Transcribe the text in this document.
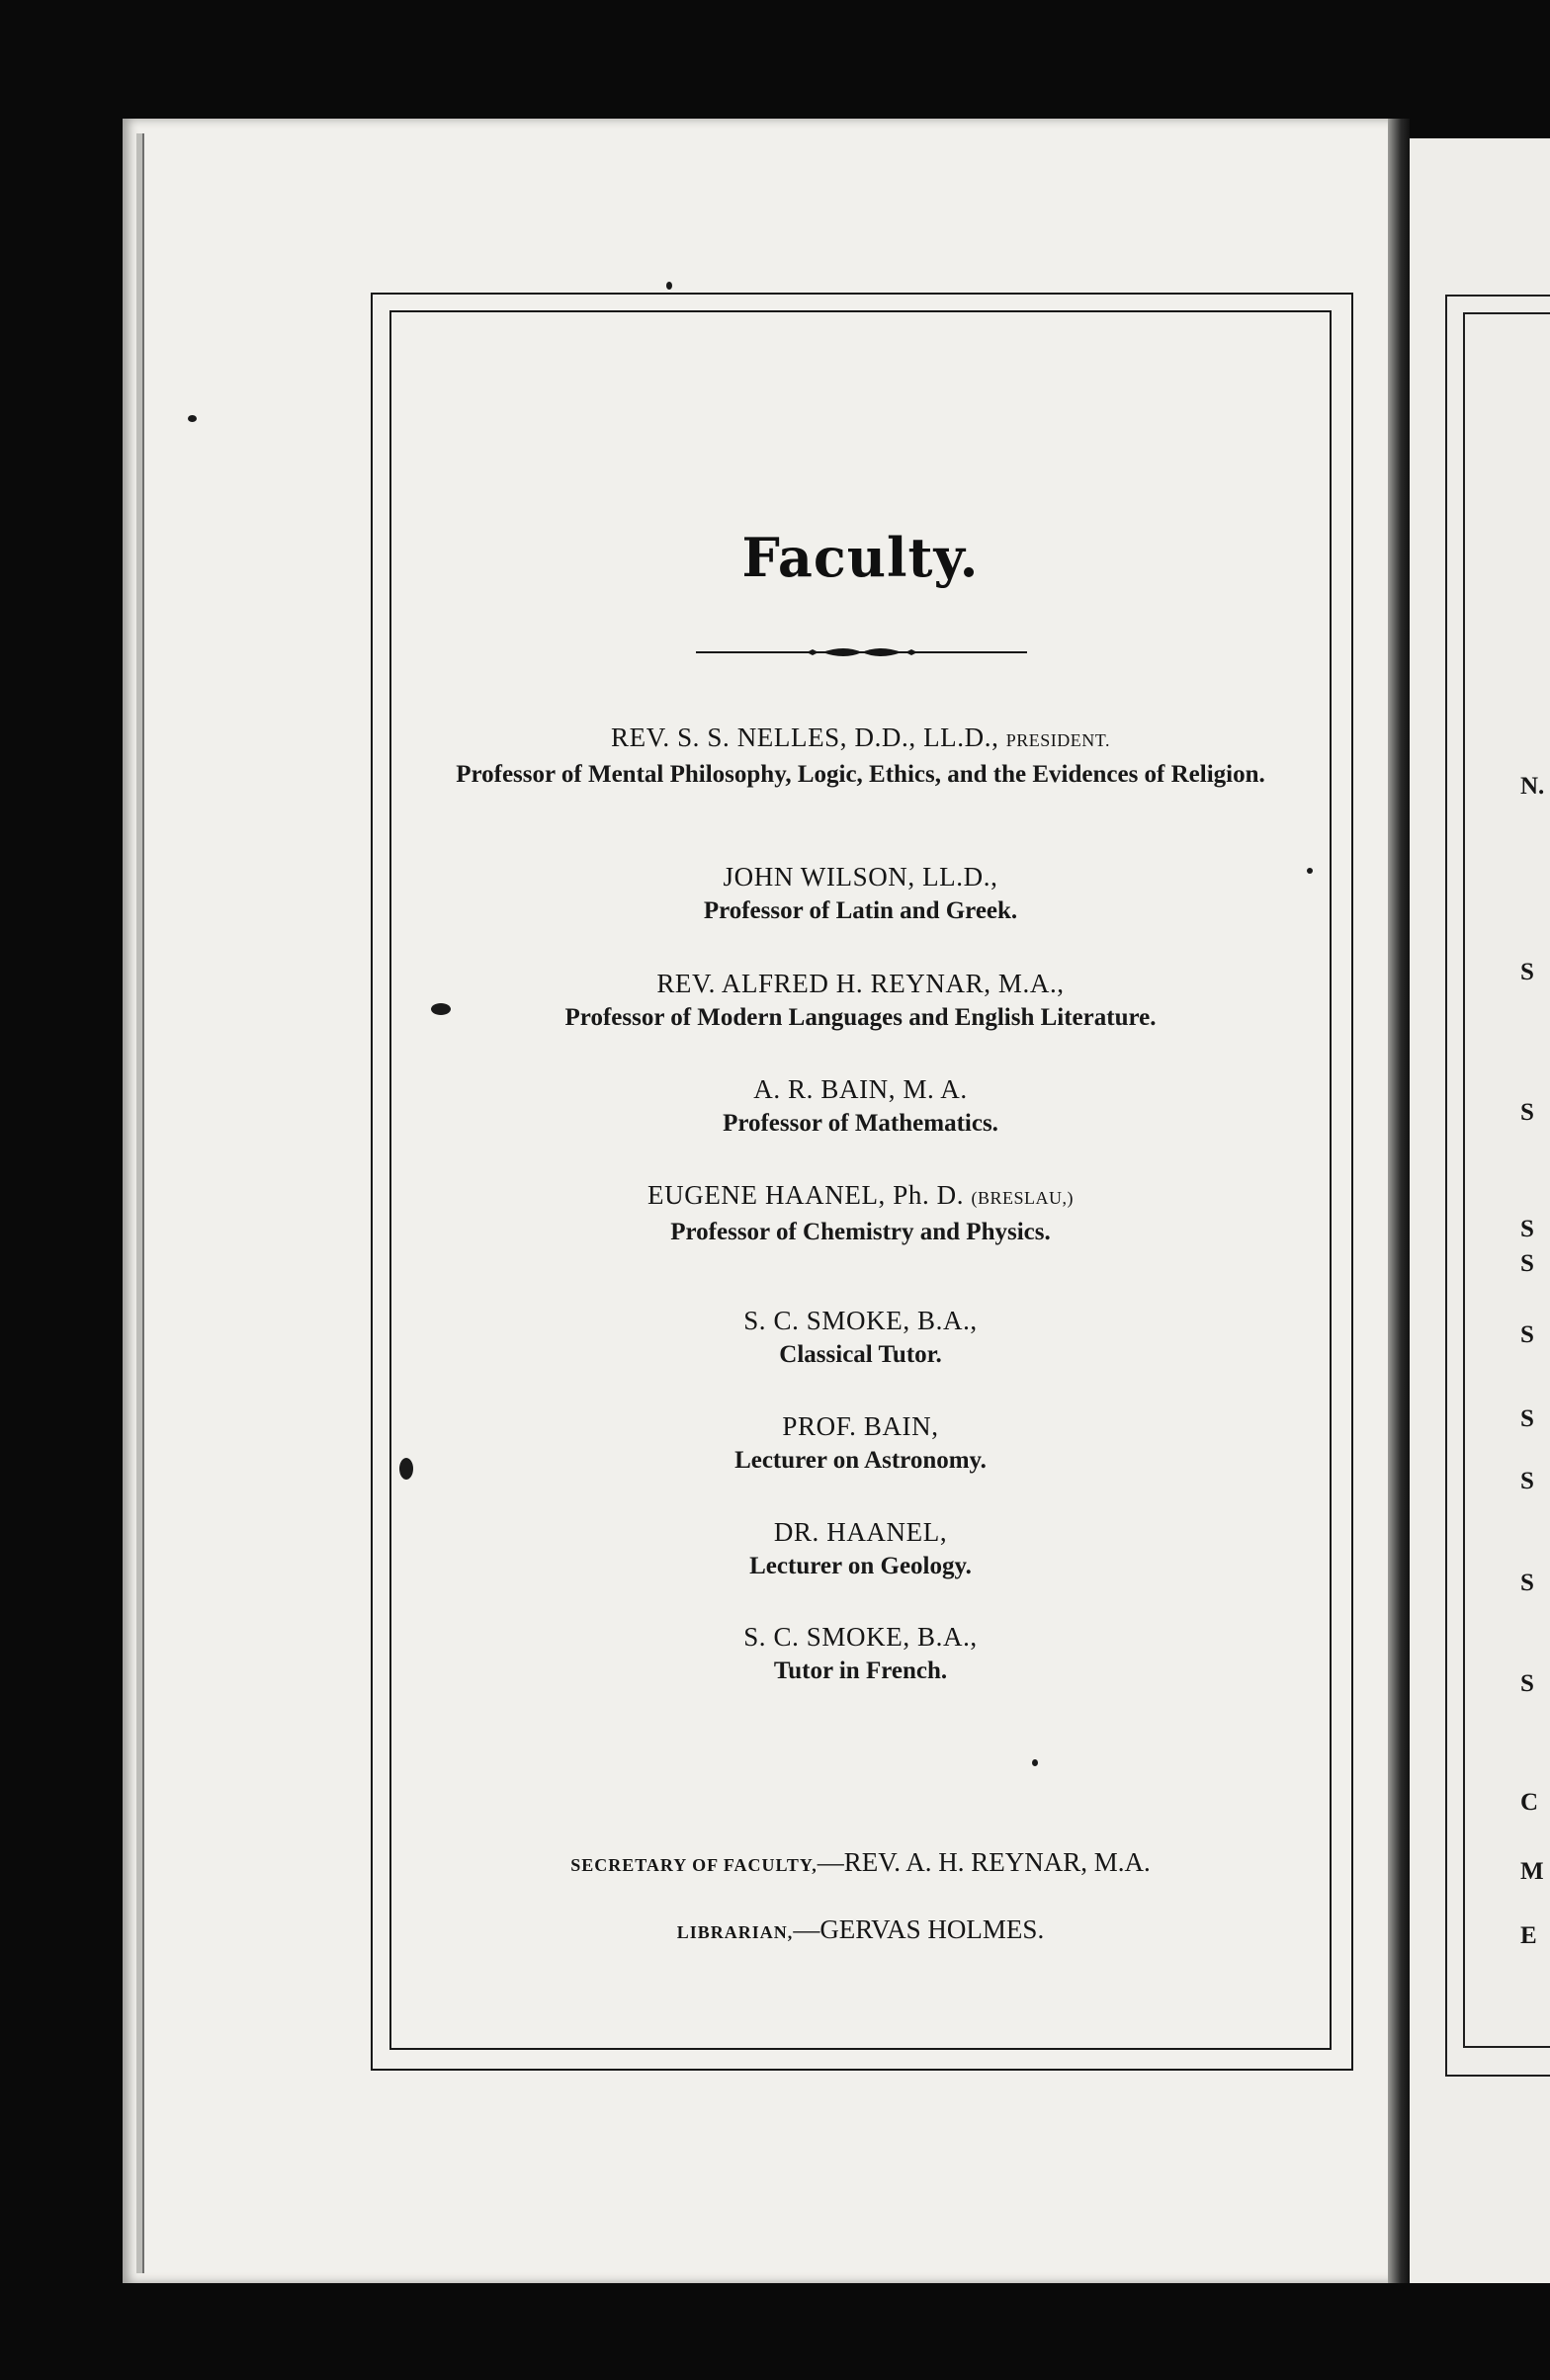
N.
S
S
S
S
S
S
S
S
S
C
M
E
Faculty.
REV. S. S. NELLES, D.D., LL.D., PRESIDENT.
Professor of Mental Philosophy, Logic, Ethics, and the Evidences of Religion.
JOHN WILSON, LL.D.,
Professor of Latin and Greek.
REV. ALFRED H. REYNAR, M.A.,
Professor of Modern Languages and English Literature.
A. R. BAIN, M. A.
Professor of Mathematics.
EUGENE HAANEL, Ph. D. (BRESLAU,)
Professor of Chemistry and Physics.
S. C. SMOKE, B.A.,
Classical Tutor.
PROF. BAIN,
Lecturer on Astronomy.
DR. HAANEL,
Lecturer on Geology.
S. C. SMOKE, B.A.,
Tutor in French.
SECRETARY OF FACULTY,—REV. A. H. REYNAR, M.A.
LIBRARIAN,—GERVAS HOLMES.
